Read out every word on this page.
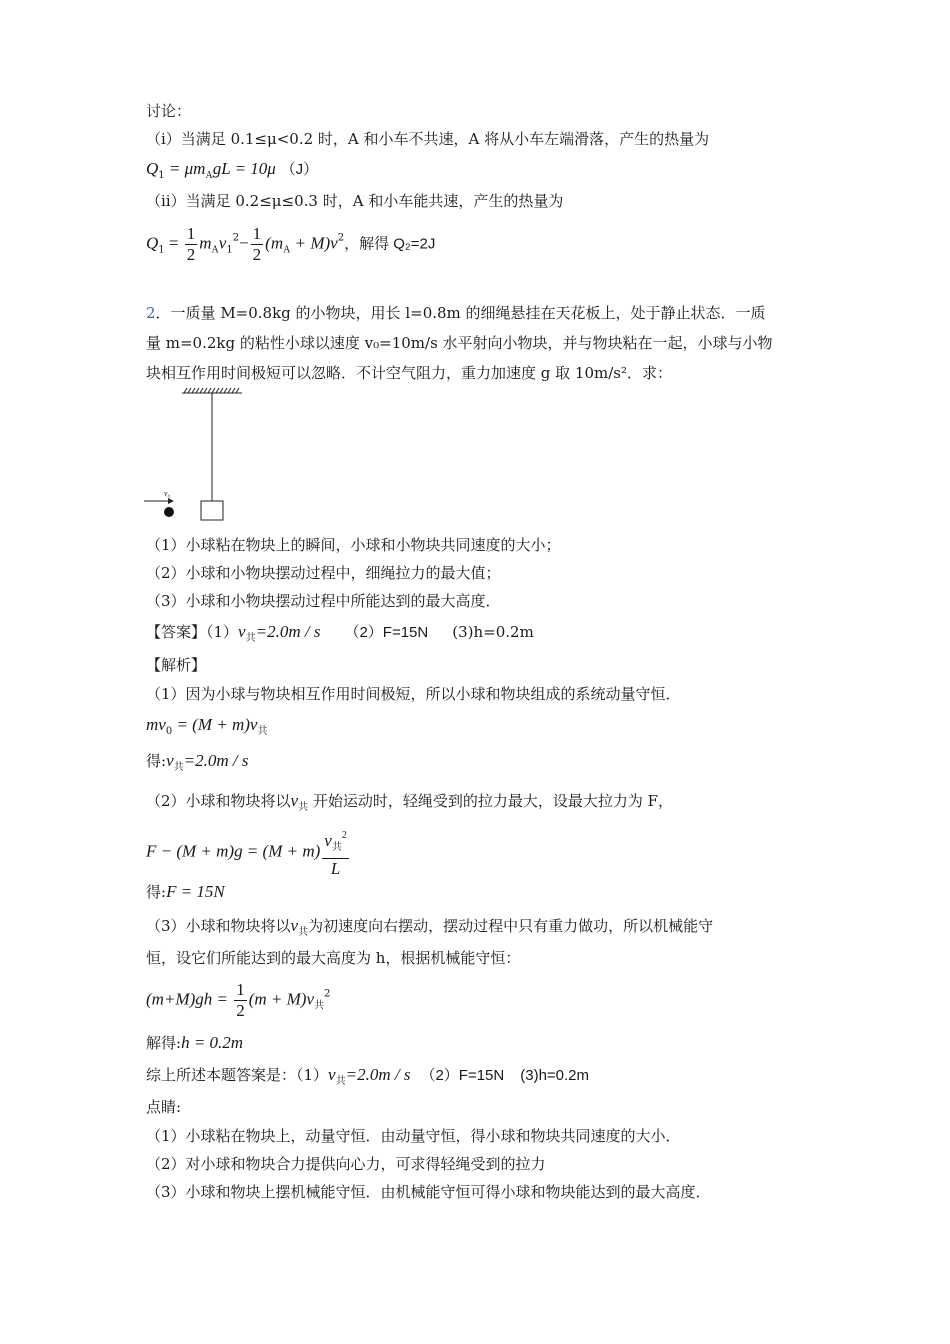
讨论：
（ⅰ）当满足 0.1≤μ<0.2 时，A 和小车不共速，A 将从小车左端滑落，产生的热量为
$Q_1 = \mu m_AgL = 10\mu$ （J）
（ⅱ）当满足 0.2≤μ≤0.3 时，A 和小车能共速，产生的热量为
$Q_1 = \frac{1}{2} m_Av_1^2- \frac{1}{2} (m_A + M)v^2$，解得 Q₂=2J
2．一质量 M=0.8kg 的小物块，用长 l=0.8m 的细绳悬挂在天花板上，处于静止状态．一质
量 m=0.2kg 的粘性小球以速度 v₀=10m/s 水平射向小物块，并与物块粘在一起，小球与小物
块相互作用时间极短可以忽略．不计空气阻力，重力加速度 g 取 10m/s²．求：
v₀
（1）小球粘在物块上的瞬间，小球和小物块共同速度的大小；
（2）小球和小物块摆动过程中，细绳拉力的最大值；
（3）小球和小物块摆动过程中所能达到的最大高度．
【答案】$(1)v_共=2.0m / s$ （2）F=15N (3)h=0.2m
【解析】
（1）因为小球与物块相互作用时间极短，所以小球和物块组成的系统动量守恒．
$mv_0 = (M + m)v_共$
得$:v_共=2.0m / s$
（2）小球和物块将以$v_共$ 开始运动时，轻绳受到的拉力最大，设最大拉力为 F，
$F - (M + m)g = (M + m) \frac{v_共^2}{L}$
得:F = 15N
（3）小球和物块将以$v_共$为初速度向右摆动，摆动过程中只有重力做功，所以机械能守
恒，设它们所能达到的最大高度为 h，根据机械能守恒：
$(m+M)gh = \frac{1}{2} (m + M)v_共^2$
解得:h = 0.2m
综上所述本题答案是：$(1)v_共=2.0m / s$ （2）F=15N (3)h=0.2m
点睛:
（1）小球粘在物块上，动量守恒．由动量守恒，得小球和物块共同速度的大小．
（2）对小球和物块合力提供向心力，可求得轻绳受到的拉力
（3）小球和物块上摆机械能守恒．由机械能守恒可得小球和物块能达到的最大高度．
